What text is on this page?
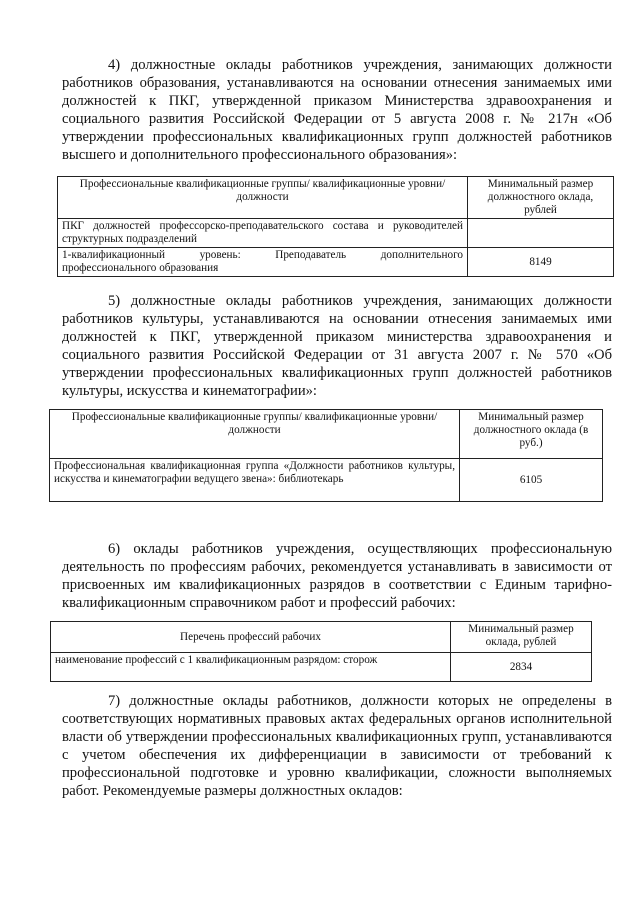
4) должностные оклады работников учреждения, занимающих должности работников образования, устанавливаются на основании отнесения занимаемых ими должностей к ПКГ, утвержденной приказом Министерства здравоохранения и социального развития Российской Федерации от 5 августа 2008 г. № 217н «Об утверждении профессиональных квалификационных групп должностей работников высшего и дополнительного профессионального образования»:

Профессиональные квалификационные группы/ квалификационные уровни/ должности	Минимальный размер должностного оклада, рублей
ПКГ должностей профессорско-преподавательского состава и руководителей структурных подразделений	
1-квалификационный уровень: Преподаватель дополнительного профессионального образования	8149

5) должностные оклады работников учреждения, занимающих должности работников культуры, устанавливаются на основании отнесения занимаемых ими должностей к ПКГ, утвержденной приказом министерства здравоохранения и социального развития Российской Федерации от 31 августа 2007 г. № 570 «Об утверждении профессиональных квалификационных групп должностей работников культуры, искусства и кинематографии»:

Профессиональные квалификационные группы/ квалификационные уровни/ должности	Минимальный размер должностного оклада (в руб.)
Профессиональная квалификационная группа «Должности работников культуры, искусства и кинематографии ведущего звена»: библиотекарь	6105

6) оклады работников учреждения, осуществляющих профессиональную деятельность по профессиям рабочих, рекомендуется устанавливать в зависимости от присвоенных им квалификационных разрядов в соответствии с Единым тарифно-квалификационным справочником работ и профессий рабочих:

Перечень профессий рабочих	Минимальный размер оклада, рублей
наименование профессий с 1 квалификационным разрядом: сторож	2834

7) должностные оклады работников, должности которых не определены в соответствующих нормативных правовых актах федеральных органов исполнительной власти об утверждении профессиональных квалификационных групп, устанавливаются с учетом обеспечения их дифференциации в зависимости от требований к профессиональной подготовке и уровню квалификации, сложности выполняемых работ. Рекомендуемые размеры должностных окладов:
